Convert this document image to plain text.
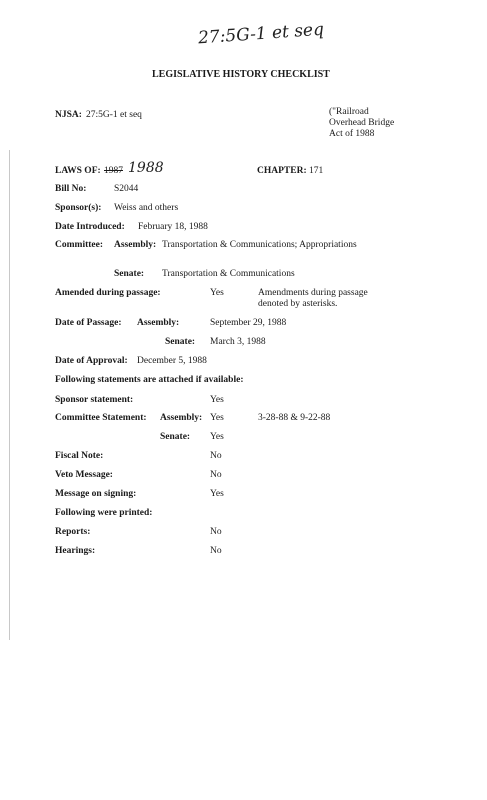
27:5G-1 et seq
LEGISLATIVE HISTORY CHECKLIST
NJSA: 27:5G-1 et seq	("Railroad
Overhead Bridge
Act of 1988
LAWS OF: 1987 1988	CHAPTER: 171
Bill No:	S2044
Sponsor(s): Weiss and others
Date Introduced: February 18, 1988
Committee: Assembly: Transportation & Communications; Appropriations
Senate: Transportation & Communications
Amended during passage:	Yes	Amendments during passage
denoted by asterisks.
Date of Passage: Assembly:	September 29, 1988
Senate: March 3, 1988
Date of Approval: December 5, 1988
Following statements are attached if available:
Sponsor statement:	Yes
Committee Statement: Assembly: Yes	3-28-88 & 9-22-88
Senate: Yes
Fiscal Note:	No
Veto Message:	No
Message on signing:	Yes
Following were printed:
Reports:	No
Hearings:	No
